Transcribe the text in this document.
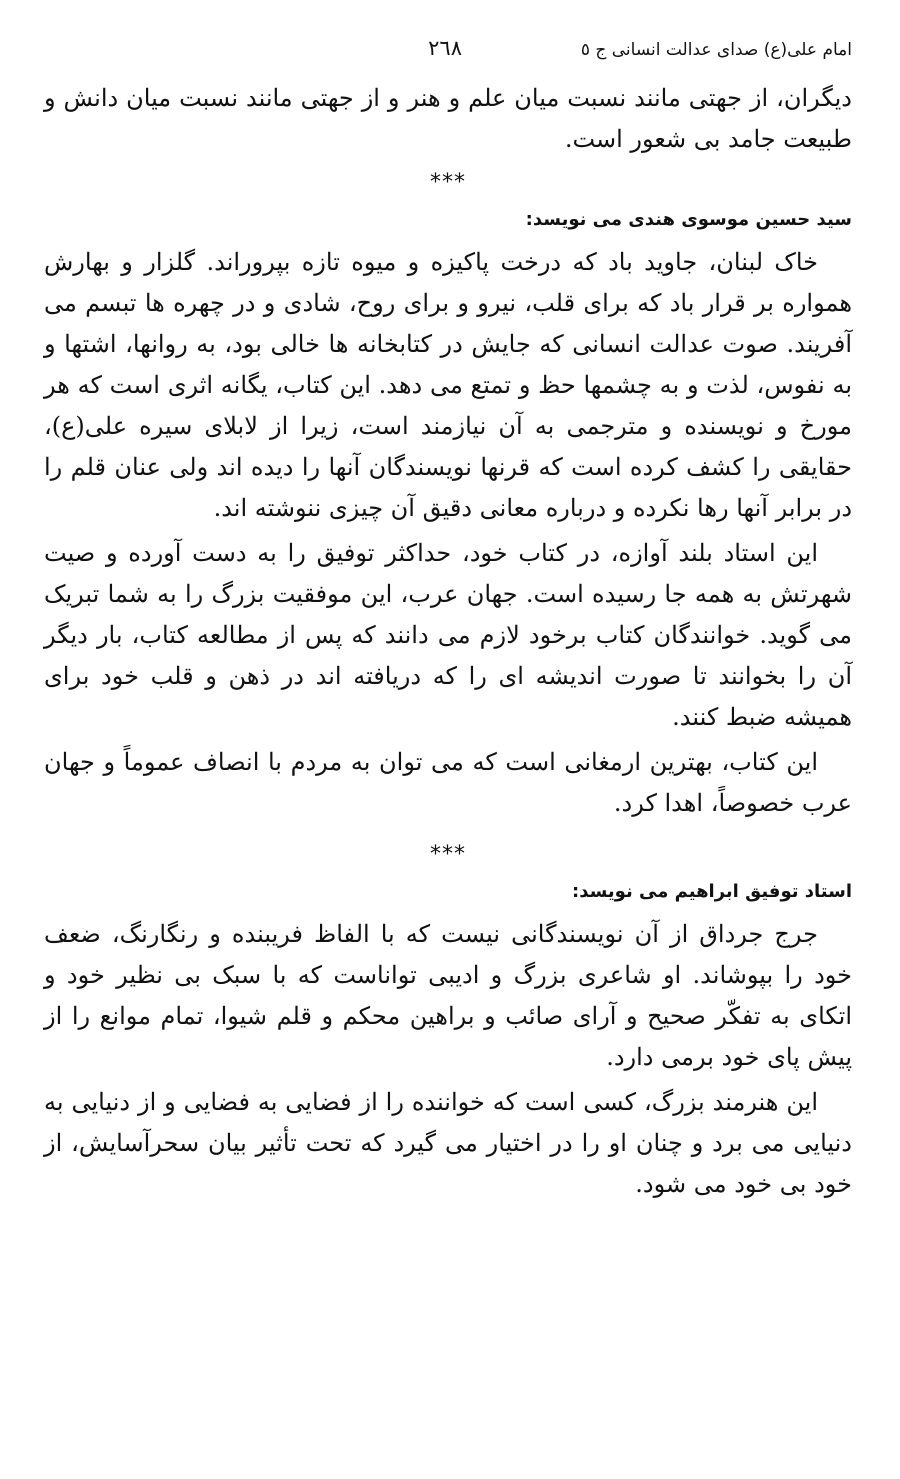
امام علی(ع) صدای عدالت انسانی ج ٥
٢٦٨

دیگران، از جهتی مانند نسبت میان علم و هنر و از جهتی مانند نسبت میان دانش و طبیعت جامد بی شعور است.

***
سید حسین موسوی هندی می نویسد:

خاک لبنان، جاوید باد که درخت پاکیزه و میوه تازه بپروراند. گلزار و بهارش همواره بر قرار باد که برای قلب، نیرو و برای روح، شادی و در چهره ها تبسم می آفریند. صوت عدالت انسانی که جایش در کتابخانه ها خالی بود، به روانها، اشتها و به نفوس، لذت و به چشمها حظ و تمتع می دهد. این کتاب، یگانه اثری است که هر مورخ و نویسنده و مترجمی به آن نیازمند است، زیرا از لابلای سیره علی(ع)، حقایقی را کشف کرده است که قرنها نویسندگان آنها را دیده اند ولی عنان قلم را در برابر آنها رها نکرده و درباره معانی دقیق آن چیزی ننوشته اند.

این استاد بلند آوازه، در کتاب خود، حداکثر توفیق را به دست آورده و صیت شهرتش به همه جا رسیده است. جهان عرب، این موفقیت بزرگ را به شما تبریک می گوید. خوانندگان کتاب برخود لازم می دانند که پس از مطالعه کتاب، بار دیگر آن را بخوانند تا صورت اندیشه ای را که دریافته اند در ذهن و قلب خود برای همیشه ضبط کنند.

این کتاب، بهترین ارمغانی است که می توان به مردم با انصاف عموماً و جهان عرب خصوصاً، اهدا کرد.

***
استاد توفیق ابراهیم می نویسد:

جرج جرداق از آن نویسندگانی نیست که با الفاظ فریبنده و رنگارنگ، ضعف خود را بپوشاند. او شاعری بزرگ و ادیبی تواناست که با سبک بی نظیر خود و اتکای به تفکّر صحیح و آرای صائب و براهین محکم و قلم شیوا، تمام موانع را از پیش پای خود برمی دارد.

این هنرمند بزرگ، کسی است که خواننده را از فضایی به فضایی و از دنیایی به دنیایی می برد و چنان او را در اختیار می گیرد که تحت تأثیر بیان سحرآسایش، از خود بی خود می شود.
